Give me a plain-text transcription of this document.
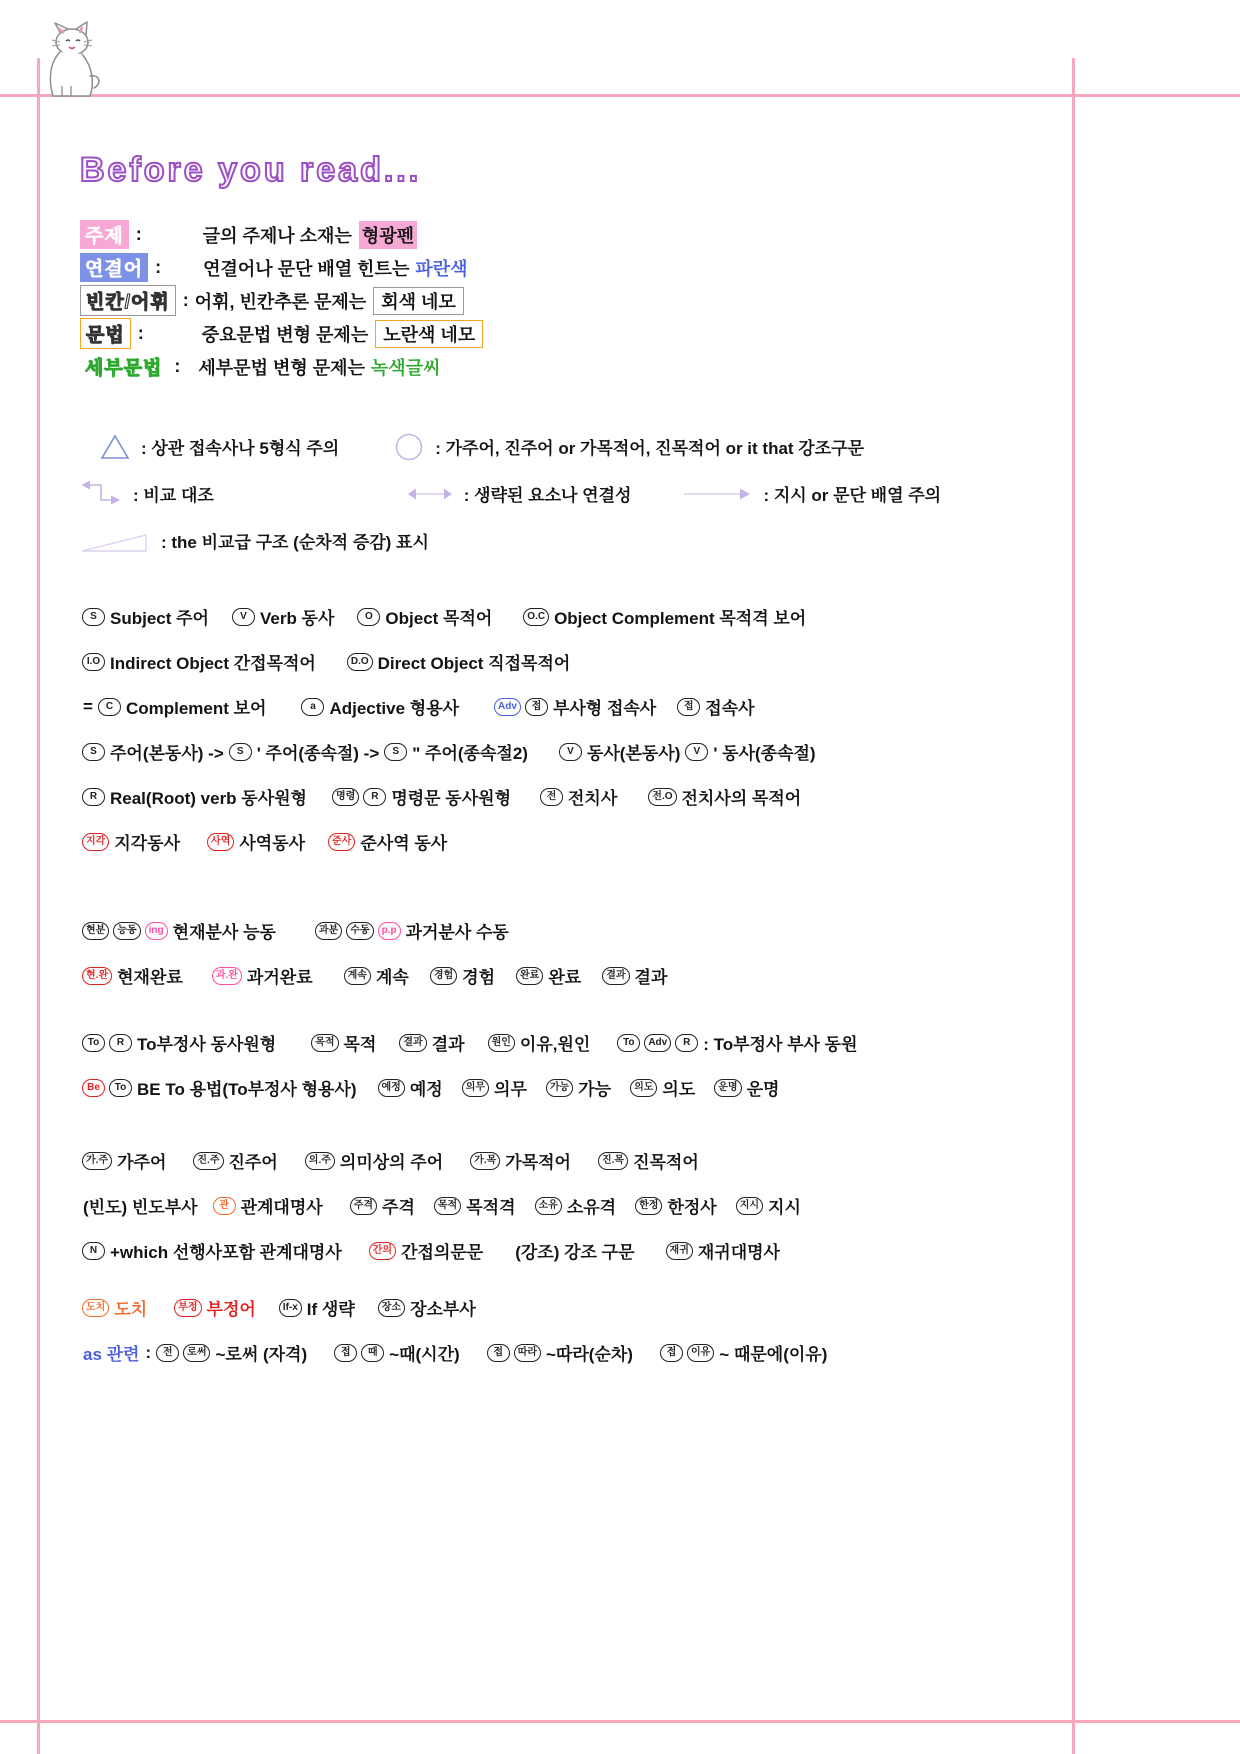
Before you read...
주제 :	글의 주제나 소재는 형광펜
연결어 : 연결어나 문단 배열 힌트는 파란색
빈칸/어휘 : 어휘, 빈칸추론 문제는 회색 네모
문법 :	중요문법 변형 문제는 노란색 네모
세부문법 : 세부문법 변형 문제는 녹색글씨
: 상관 접속사나 5형식 주의	: 가주어, 진주어 or 가목적어, 진목적어 or it that 강조구문
: 비교 대조	: 생략된 요소나 연결성	: 지시 or 문단 배열 주의
: the 비교급 구조 (순차적 증감) 표시
S Subject 주어	V Verb 동사	O Object 목적어	O.C Object Complement 목적격 보어
I.O Indirect Object 간접목적어	D.O Direct Object 직접목적어
=	C Complement 보어	a Adjective 형용사	Adv	접 부사형 접속사	접 접속사
S 주어(본동사) ->	S ' 주어(종속절) ->	S " 주어(종속절2)	V 동사(본동사)	V ' 동사(종속절)
R Real(Root) verb 동사원형	명령	R 명령문 동사원형	전 전치사	전.O 전치사의 목적어
지각 지각동사	사역 사역동사	준사 준사역 동사
현분	능동	ing 현재분사 능동	과분	수동	p.p 과거분사 수동
현.완 현재완료	과.완 과거완료	계속 계속	경험 경험	완료 완료	결과 결과
To	R To부정사 동사원형	목적 목적	결과 결과	원인 이유,원인	To	Adv	R : To부정사 부사 동원
Be	To BE To 용법(To부정사 형용사)	예정 예정	의무 의무	가능 가능	의도 의도	운명 운명
가.주 가주어	진.주 진주어	의.주 의미상의 주어	가.목 가목적어	진.목 진목적어
(빈도) 빈도부사	관 관계대명사	주격 주격	목적 목적격	소유 소유격	한정 한정사	지시 지시
N +which 선행사포함 관계대명사	간의 간접의문문 (강조) 강조 구문	재귀 재귀대명사
도치 도치	부정 부정어	If-x If 생략	장소 장소부사
as 관련 :	전	로써 ~로써 (자격)	접	때 ~때(시간)	접	따라 ~따라(순차)	접	이유 ~ 때문에(이유)
